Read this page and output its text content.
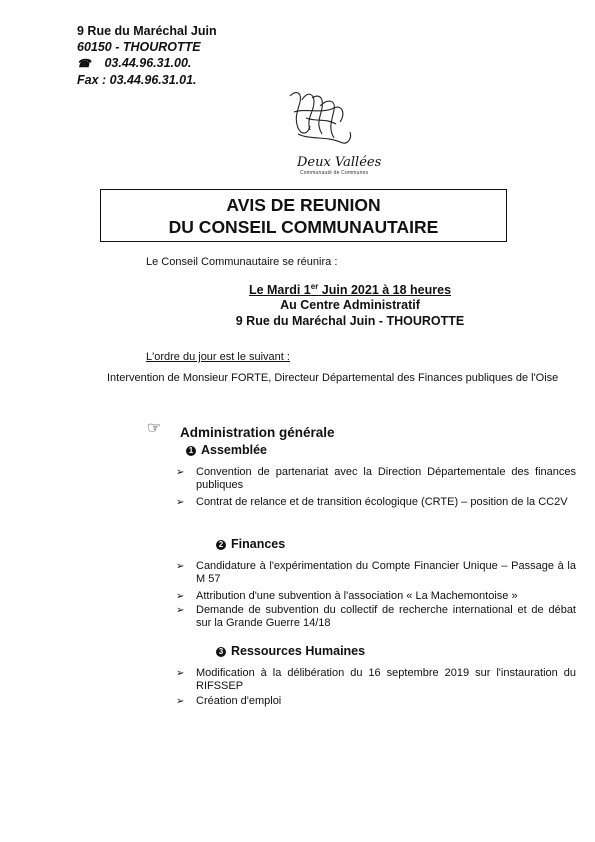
9 Rue du Maréchal Juin
60150 - THOUROTTE
☎ 03.44.96.31.00.
Fax : 03.44.96.31.01.
Deux Vallées
Communauté de Communes
AVIS DE REUNION
DU CONSEIL COMMUNAUTAIRE
Le Conseil Communautaire se réunira :
Le Mardi 1er Juin 2021 à 18 heures
Au Centre Administratif
9 Rue du Maréchal Juin - THOUROTTE
L'ordre du jour est le suivant :
Intervention de Monsieur FORTE, Directeur Départemental des Finances publiques de l'Oise
☞ Administration générale
1 Assemblée
➢ Convention de partenariat avec la Direction Départementale des finances publiques
➢ Contrat de relance et de transition écologique (CRTE) – position de la CC2V
2 Finances
➢ Candidature à l'expérimentation du Compte Financier Unique – Passage à la M 57
➢ Attribution d'une subvention à l'association « La Machemontoise »
➢ Demande de subvention du collectif de recherche international et de débat sur la Grande Guerre 14/18
3 Ressources Humaines
➢ Modification à la délibération du 16 septembre 2019 sur l'instauration du RIFSSEP
➢ Création d'emploi
